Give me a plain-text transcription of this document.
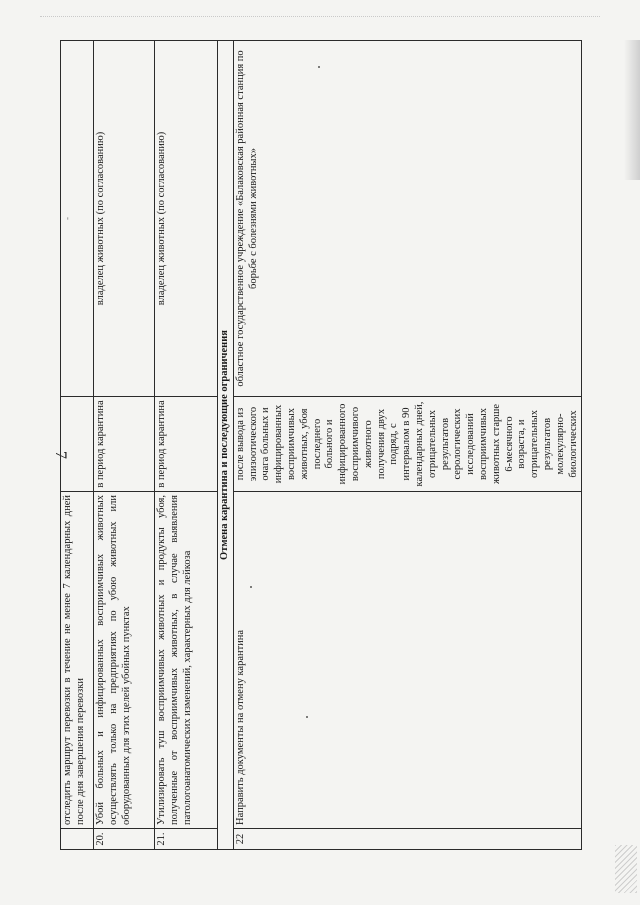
7
	отследить маршрут перевозки в течение не менее 7 календарных дней после дня завершения перевозки		-
20.	Убой больных и инфицированных восприимчивых животных осуществлять только на предприятиях по убою животных или оборудованных для этих целей убойных пунктах	в период карантина	владелец животных (по согласованию)
21.	Утилизировать туш восприимчивых животных и продукты убоя, полученные от восприимчивых животных, в случае выявления патологоанатомических изменений, характерных для лейкоза	в период карантина	владелец животных (по согласованию)
Отмена карантина и последующие ограничения			
22	Направить документы на отмену карантина	после вывода из эпизоотического очага больных и инфицированных восприимчивых животных, убоя последнего больного и инфицированного восприимчивого животного получения двух подряд, с интервалом в 90 календарных дней, отрицательных результатов серологических исследований восприимчивых животных старше 6-месячного возраста, и отрицательных результатов молекулярно-биологических	областное государственное учреждение «Балаковская районная станция по борьбе с болезнями животных»
